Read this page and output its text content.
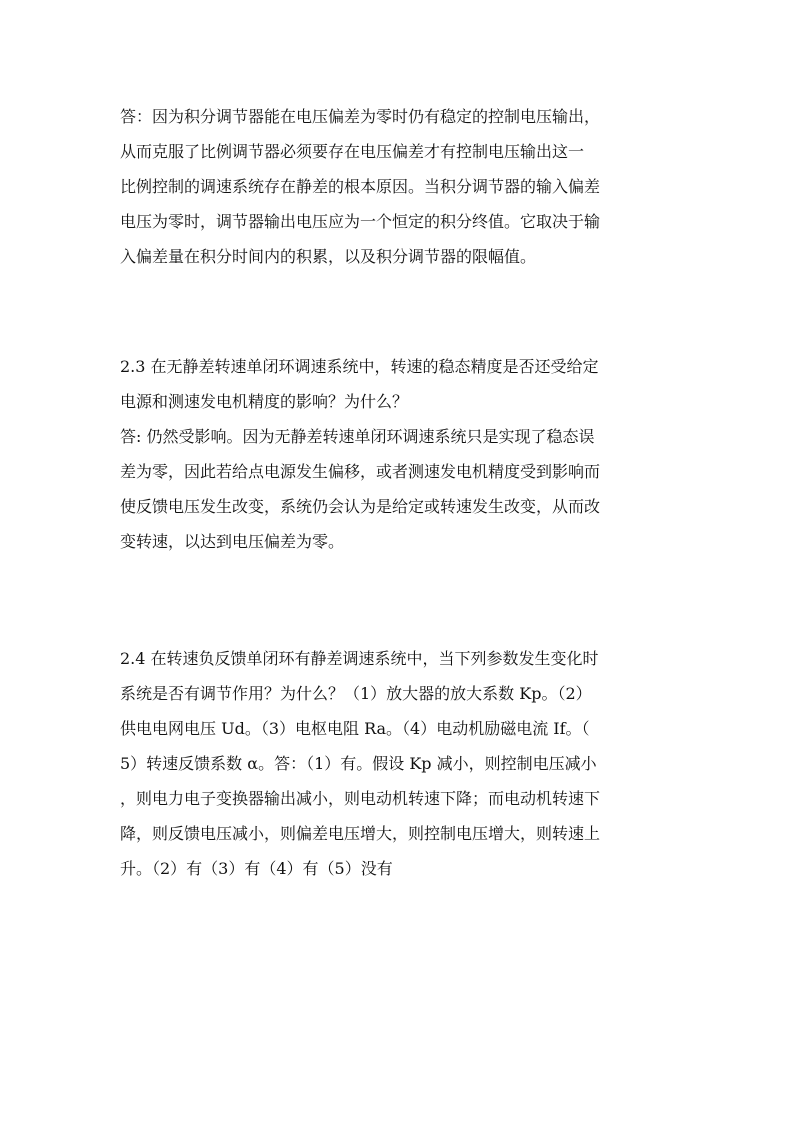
答：因为积分调节器能在电压偏差为零时仍有稳定的控制电压输出，
从而克服了比例调节器必须要存在电压偏差才有控制电压输出这一
比例控制的调速系统存在静差的根本原因。当积分调节器的输入偏差
电压为零时，调节器输出电压应为一个恒定的积分终值。它取决于输
入偏差量在积分时间内的积累，以及积分调节器的限幅值。
2.3 在无静差转速单闭环调速系统中，转速的稳态精度是否还受给定
电源和测速发电机精度的影响？为什么？
答: 仍然受影响。因为无静差转速单闭环调速系统只是实现了稳态误
差为零，因此若给点电源发生偏移，或者测速发电机精度受到影响而
使反馈电压发生改变，系统仍会认为是给定或转速发生改变，从而改
变转速，以达到电压偏差为零。
2.4 在转速负反馈单闭环有静差调速系统中，当下列参数发生变化时
系统是否有调节作用？为什么？（1）放大器的放大系数 Kp。（2）
供电电网电压 Ud。（3）电枢电阻 Ra。（4）电动机励磁电流 If。（
5）转速反馈系数 α。答：（1）有。假设 Kp 减小，则控制电压减小
，则电力电子变换器输出减小，则电动机转速下降；而电动机转速下
降，则反馈电压减小，则偏差电压增大，则控制电压增大，则转速上
升。（2）有（3）有（4）有（5）没有
